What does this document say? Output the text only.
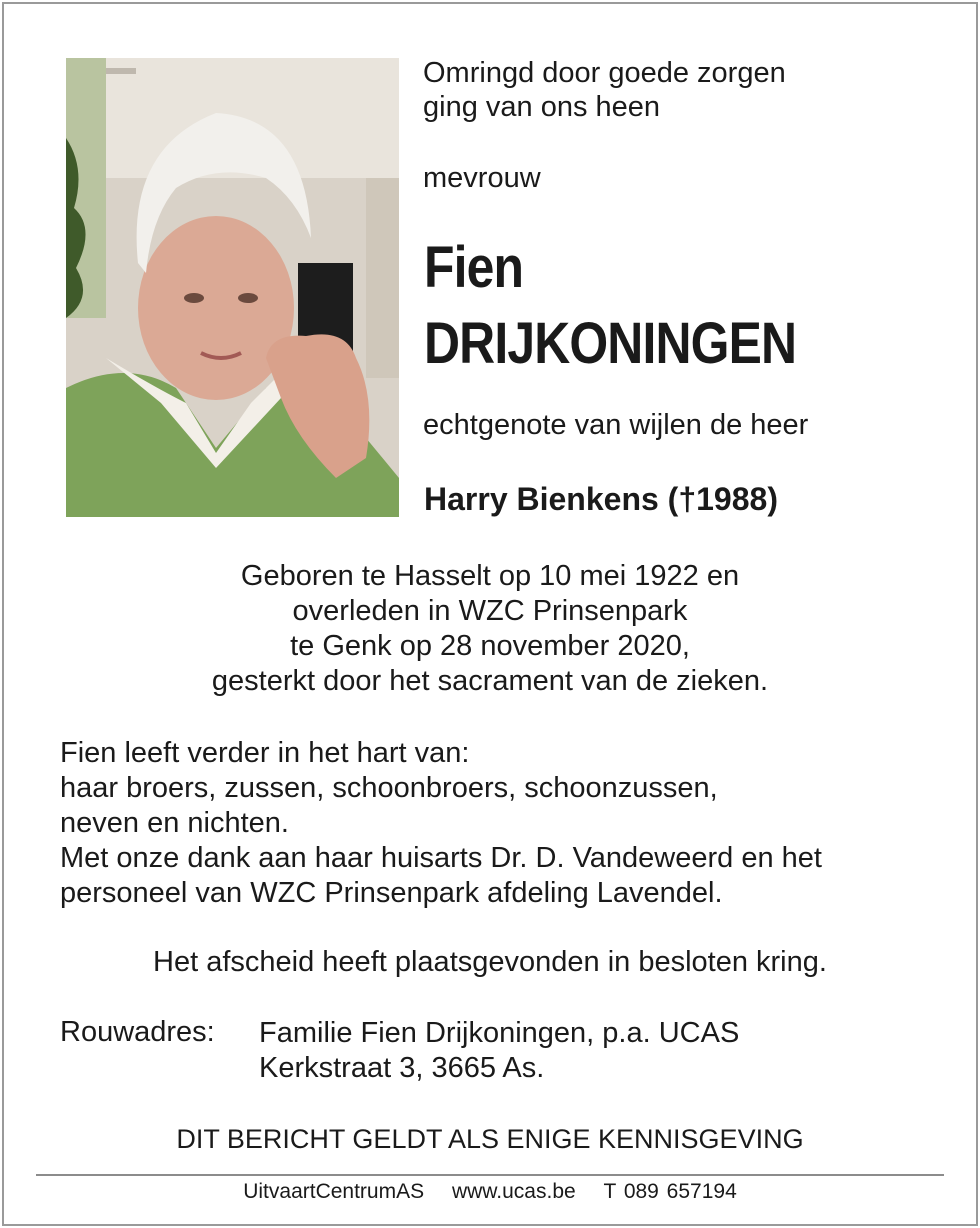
Omringd door goede zorgen
ging van ons heen
mevrouw
Fien
DRIJKONINGEN
echtgenote van wijlen de heer
Harry Bienkens (†1988)
Geboren te Hasselt op 10 mei 1922 en
overleden in WZC Prinsenpark
te Genk op 28 november 2020,
gesterkt door het sacrament van de zieken.
Fien leeft verder in het hart van:
haar broers, zussen, schoonbroers, schoonzussen,
neven en nichten.
Met onze dank aan haar huisarts Dr. D. Vandeweerd en het
personeel van WZC Prinsenpark afdeling Lavendel.
Het afscheid heeft plaatsgevonden in besloten kring.
Rouwadres: Familie Fien Drijkoningen, p.a. UCAS
Kerkstraat 3, 3665 As.
DIT BERICHT GELDT ALS ENIGE KENNISGEVING
UitvaartCentrumAS www.ucas.be T 089 657194
